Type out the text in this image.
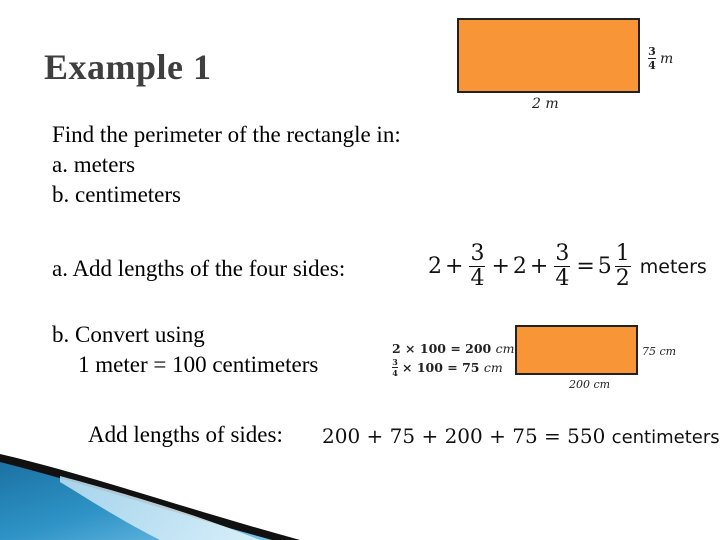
Example 1	$\frac{3}{4}$ m
2 m
Find the perimeter of the rectangle in:
a. meters
b. centimeters
a. Add lengths of the four sides:	$2 + \frac{3}{4} + 2 + \frac{3}{4} = 5 \frac{1}{2}$ meters
b. Convert using
1 meter = 100 centimeters
2 × 100 = 200 cm
$\frac{3}{4} \times 100 = 75$
cm
75 cm
200 cm
Add lengths of sides: 200 + 75 + 200 + 75 = 550 centimeters
